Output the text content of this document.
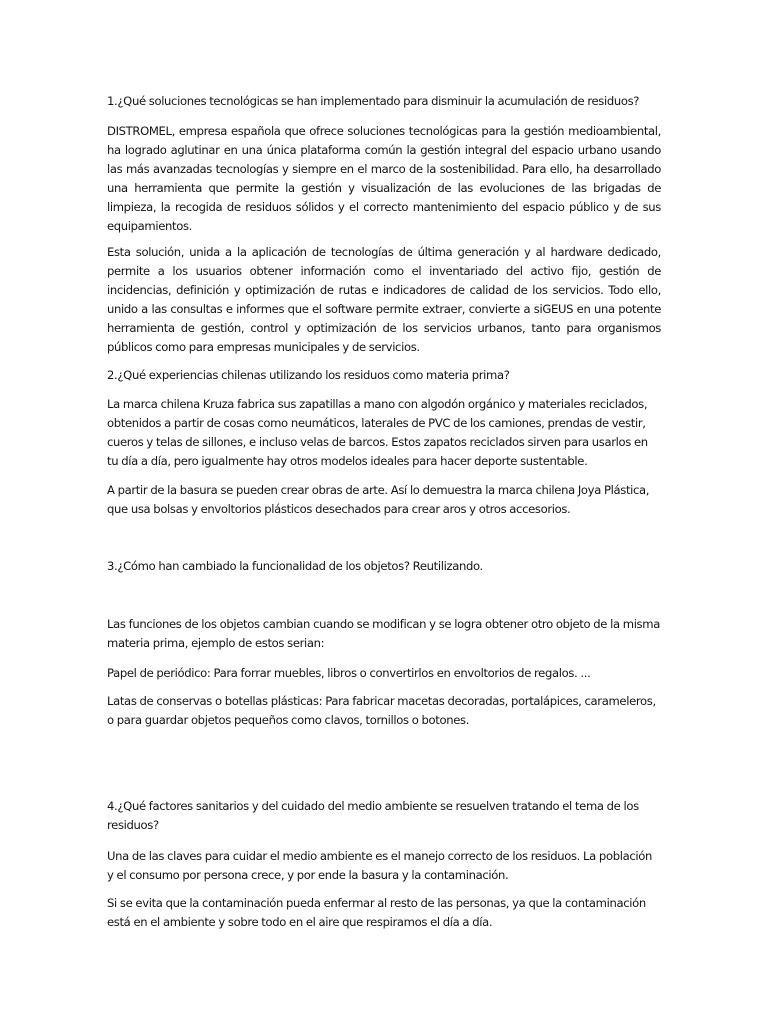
1.¿Qué soluciones tecnológicas se han implementado para disminuir la acumulación de residuos?

DISTROMEL, empresa española que ofrece soluciones tecnológicas para la gestión medioambiental, ha logrado aglutinar en una única plataforma común la gestión integral del espacio urbano usando las más avanzadas tecnologías y siempre en el marco de la sostenibilidad. Para ello, ha desarrollado una herramienta que permite la gestión y visualización de las evoluciones de las brigadas de limpieza, la recogida de residuos sólidos y el correcto mantenimiento del espacio público y de sus equipamientos.

Esta solución, unida a la aplicación de tecnologías de última generación y al hardware dedicado, permite a los usuarios obtener información como el inventariado del activo fijo, gestión de incidencias, definición y optimización de rutas e indicadores de calidad de los servicios. Todo ello, unido a las consultas e informes que el software permite extraer, convierte a siGEUS en una potente herramienta de gestión, control y optimización de los servicios urbanos, tanto para organismos públicos como para empresas municipales y de servicios.

2.¿Qué experiencias chilenas utilizando los residuos como materia prima?

La marca chilena Kruza fabrica sus zapatillas a mano con algodón orgánico y materiales reciclados, obtenidos a partir de cosas como neumáticos, laterales de PVC de los camiones, prendas de vestir, cueros y telas de sillones, e incluso velas de barcos. Estos zapatos reciclados sirven para usarlos en tu día a día, pero igualmente hay otros modelos ideales para hacer deporte sustentable.

A partir de la basura se pueden crear obras de arte. Así lo demuestra la marca chilena Joya Plástica, que usa bolsas y envoltorios plásticos desechados para crear aros y otros accesorios.

3.¿Cómo han cambiado la funcionalidad de los objetos? Reutilizando.

Las funciones de los objetos cambian cuando se modifican y se logra obtener otro objeto de la misma materia prima, ejemplo de estos serian:

Papel de periódico: Para forrar muebles, libros o convertirlos en envoltorios de regalos. ...

Latas de conservas o botellas plásticas: Para fabricar macetas decoradas, portalápices, carameleros, o para guardar objetos pequeños como clavos, tornillos o botones.

4.¿Qué factores sanitarios y del cuidado del medio ambiente se resuelven tratando el tema de los residuos?

Una de las claves para cuidar el medio ambiente es el manejo correcto de los residuos. La población y el consumo por persona crece, y por ende la basura y la contaminación.

Si se evita que la contaminación pueda enfermar al resto de las personas, ya que la contaminación está en el ambiente y sobre todo en el aire que respiramos el día a día.
